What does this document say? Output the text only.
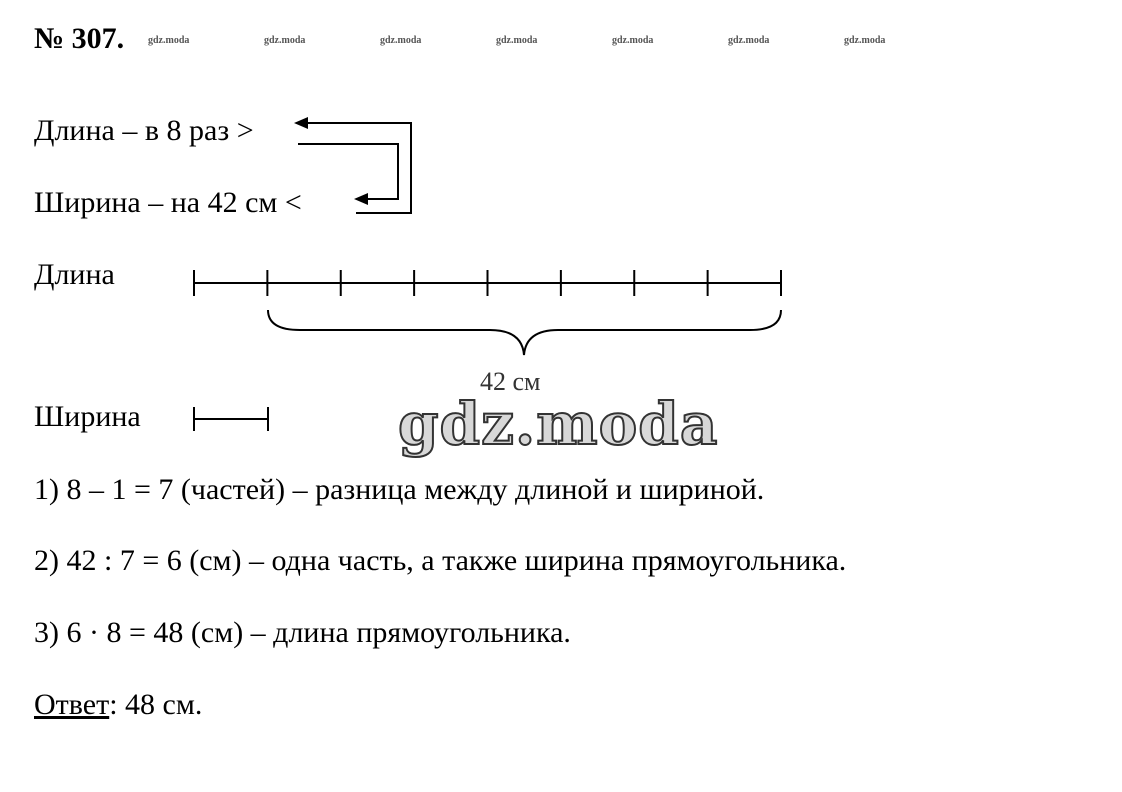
№ 307. gdz.moda	gdz.moda	gdz.moda	gdz.moda	gdz.moda	gdz.moda	gdz.moda
Длина – в 8 раз >
Ширина – на 42 см <
Длина
Ширина
42 см
gdz.moda
1) 8 – 1 = 7 (частей) – разница между длиной и шириной.
2) 42 : 7 = 6 (см) – одна часть, а также ширина прямоугольника.
3) 6 · 8 = 48 (см) – длина прямоугольника.
Ответ: 48 см.
